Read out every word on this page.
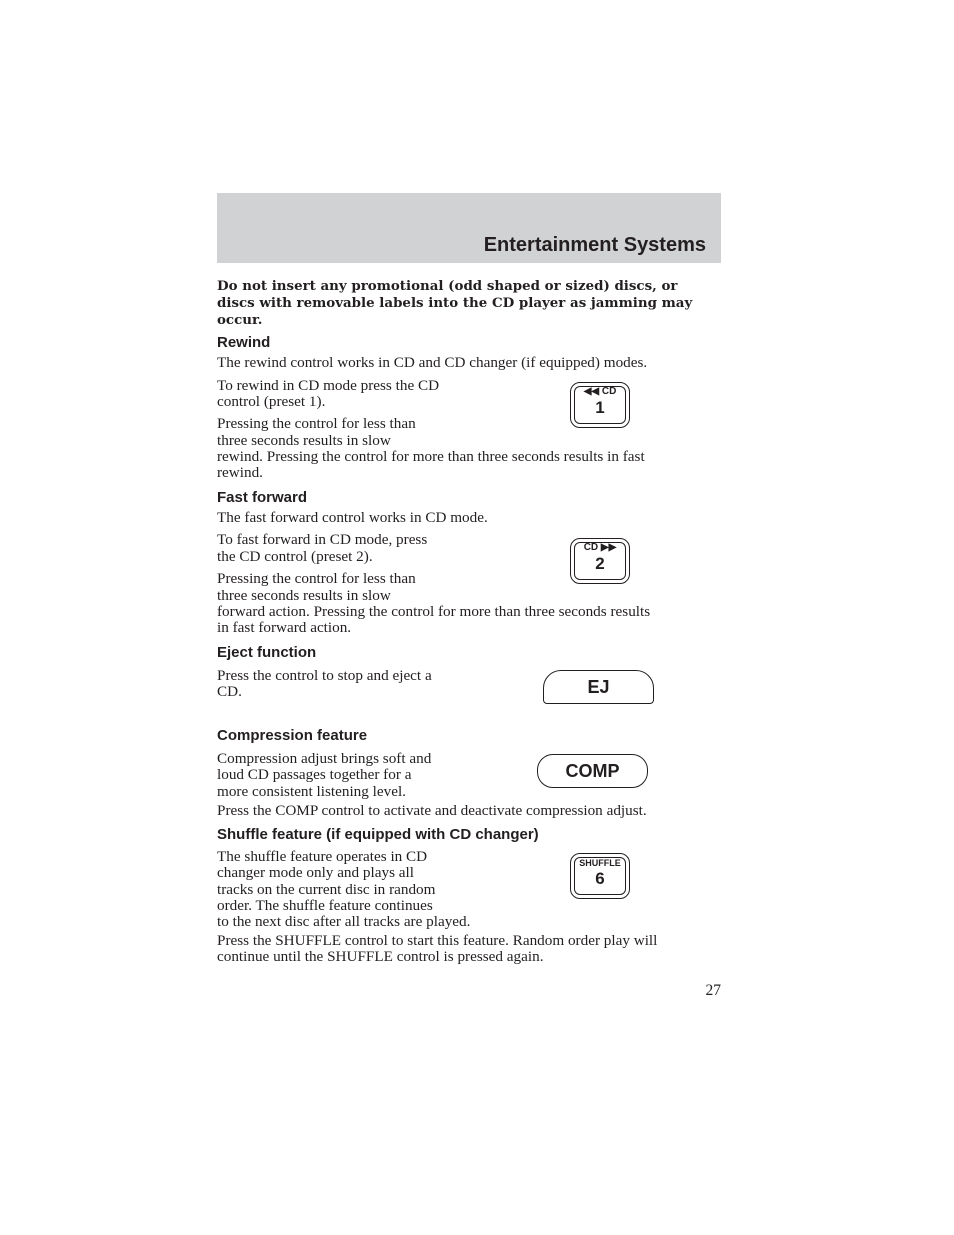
Entertainment Systems
Do not insert any promotional (odd shaped or sized) discs, or
discs with removable labels into the CD player as jamming may
occur.
Rewind
The rewind control works in CD and CD changer (if equipped) modes.
To rewind in CD mode press the CD
control (preset 1).
Pressing the control for less than
three seconds results in slow
rewind. Pressing the control for more than three seconds results in fast
rewind.
◀◀ CD
1
Fast forward
The fast forward control works in CD mode.
To fast forward in CD mode, press
the CD control (preset 2).
Pressing the control for less than
three seconds results in slow
forward action. Pressing the control for more than three seconds results
in fast forward action.
CD ▶▶
2
Eject function
Press the control to stop and eject a
CD.	EJ
Compression feature
Compression adjust brings soft and
loud CD passages together for a
more consistent listening level.
Press the COMP control to activate and deactivate compression adjust.
COMP
Shuffle feature (if equipped with CD changer)
The shuffle feature operates in CD
changer mode only and plays all
tracks on the current disc in random
order. The shuffle feature continues
to the next disc after all tracks are played.
Press the SHUFFLE control to start this feature. Random order play will
continue until the SHUFFLE control is pressed again.
SHUFFLE
6
27
